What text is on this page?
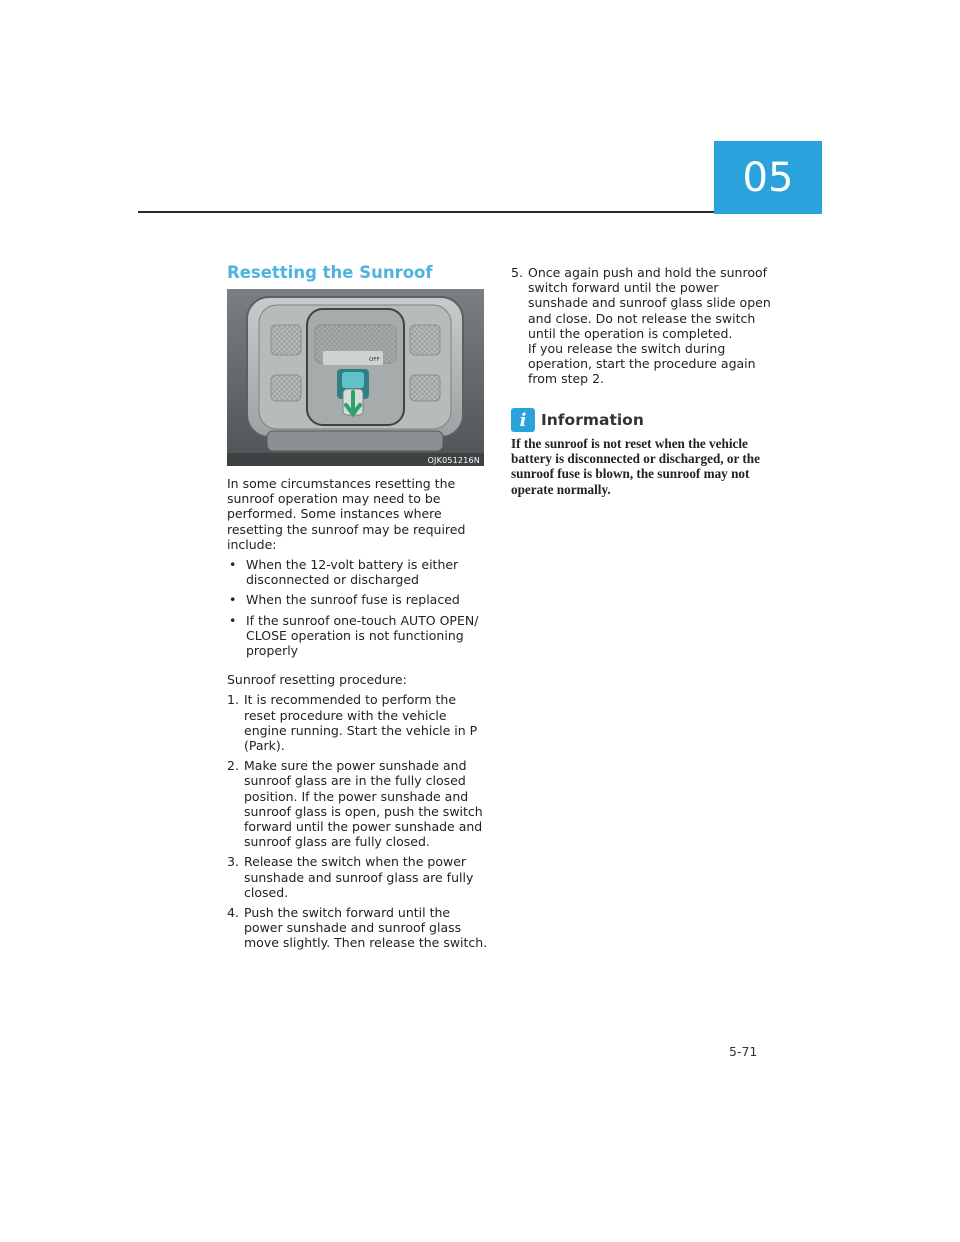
05
Resetting the Sunroof
OFF
OJK051216N

In some circumstances resetting the sunroof operation may need to be performed. Some instances where resetting the sunroof may be required include:

• When the 12-volt battery is either disconnected or discharged
• When the sunroof fuse is replaced
• If the sunroof one-touch AUTO OPEN/ CLOSE operation is not functioning properly

Sunroof resetting procedure:

1. It is recommended to perform the reset procedure with the vehicle engine running. Start the vehicle in P (Park).
2. Make sure the power sunshade and sunroof glass are in the fully closed position. If the power sunshade and sunroof glass is open, push the switch forward until the power sunshade and sunroof glass are fully closed.
3. Release the switch when the power sunshade and sunroof glass are fully closed.
4. Push the switch forward until the power sunshade and sunroof glass move slightly. Then release the switch.
5. Once again push and hold the sunroof switch forward until the power sunshade and sunroof glass slide open and close. Do not release the switch until the operation is completed.

If you release the switch during operation, start the procedure again from step 2.

i Information
If the sunroof is not reset when the vehicle battery is disconnected or discharged, or the sunroof fuse is blown, the sunroof may not operate normally.
5-71
